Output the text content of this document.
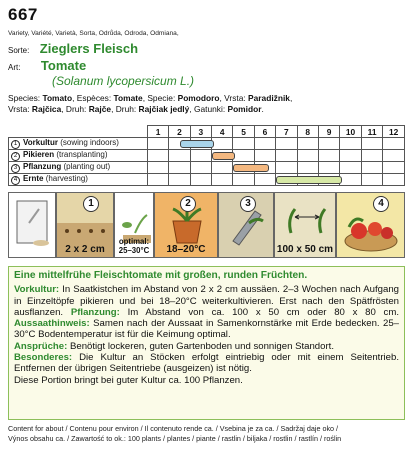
667
Variety, Variété, Varietà, Sorta, Odrůda, Odroda, Odmiana,
Sorte: Zieglers Fleisch
Art: Tomate
(Solanum lycopersicum L.)
Species: Tomato, Espèces: Tomate, Specie: Pomodoro, Vrsta: Paradižnik,
Vrsta: Rajčica, Druh: Rajče, Druh: Rajčiak jedlý, Gatunki: Pomidor.
	1	2	3	4	5	6	7	8	9	10	11	12
1 Vorkultur (sowing indoors)												
2 Pikieren (transplanting)												
3 Pflanzung (planting out)												
4 Ernte (harvesting)												
1
2 x 2 cm
optimal: 25–30°C
2
18–20°C
3
100 x 50 cm
4
Eine mittelfrühe Fleischtomate mit großen, runden Früchten.

Vorkultur: In Saatkistchen im Abstand von 2 x 2 cm aussäen. 2–3 Wochen nach Aufgang in Einzeltöpfe pikieren und bei 18–20°C weiterkultivieren. Erst nach den Spätfrösten ausflanzen. Pflanzung: Im Abstand von ca. 100 x 50 cm oder 80 x 80 cm. Aussaathinweis: Samen nach der Aussaat in Samenkornstärke mit Erde bedecken. 25–30°C Bodentemperatur ist für die Keimung optimal.

Ansprüche: Benötigt lockeren, guten Gartenboden und sonnigen Standort.

Besonderes: Die Kultur an Stöcken erfolgt eintriebig oder mit einem Seitentrieb. Entfernen der übrigen Seitentriebe (ausgeizen) ist nötig.

Diese Portion bringt bei guter Kultur ca. 100 Pflanzen.

Content for about / Contenu pour environ / Il contenuto rende ca. / Vsebina je za ca. / Sadržaj daje oko /
Výnos obsahu ca. / Zawartość to ok.: 100 plants / plantes / piante / rastlin / biljaka / rostlin / rastlín / roślin
